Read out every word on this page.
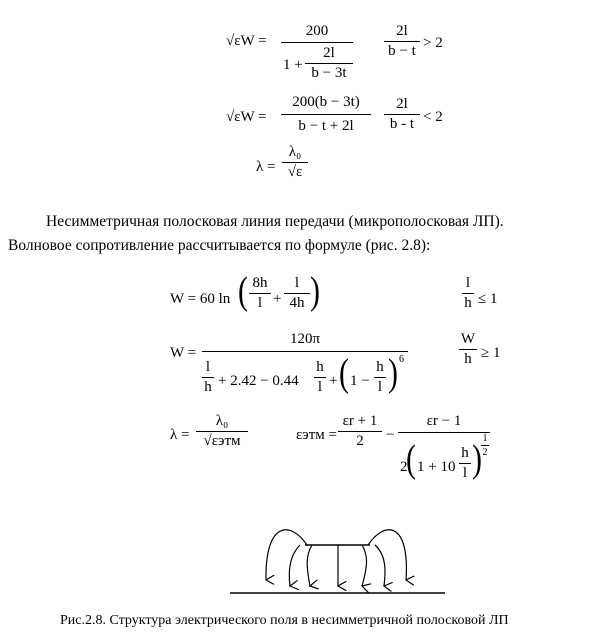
√εW =
200
1 +
2l
b − 3t
2l
b − t > 2
√εW =
200(b − 3t)
b − t + 2l
2l
b - t < 2
λ =
λ₀
√ε
Несимметричная полосковая линия передачи (микрополосковая ЛП).
Волновое сопротивление рассчитывается по формуле (рис. 2.8):
W = 60 ln ( 8h
l +
l
4h )	l
h ≤ 1
W =
120π
l
h + 2.42 − 0.44
h
l + ( 1 −
h
l ) 6
W
h ≥ 1
λ =
λ₀
√εэтм	εэтм =
εr + 1
2	−
εr − 1
2
( 1 + 10
h
l ) 1
2
Рис.2.8. Структура электрического поля в несимметричной полосковой ЛП
